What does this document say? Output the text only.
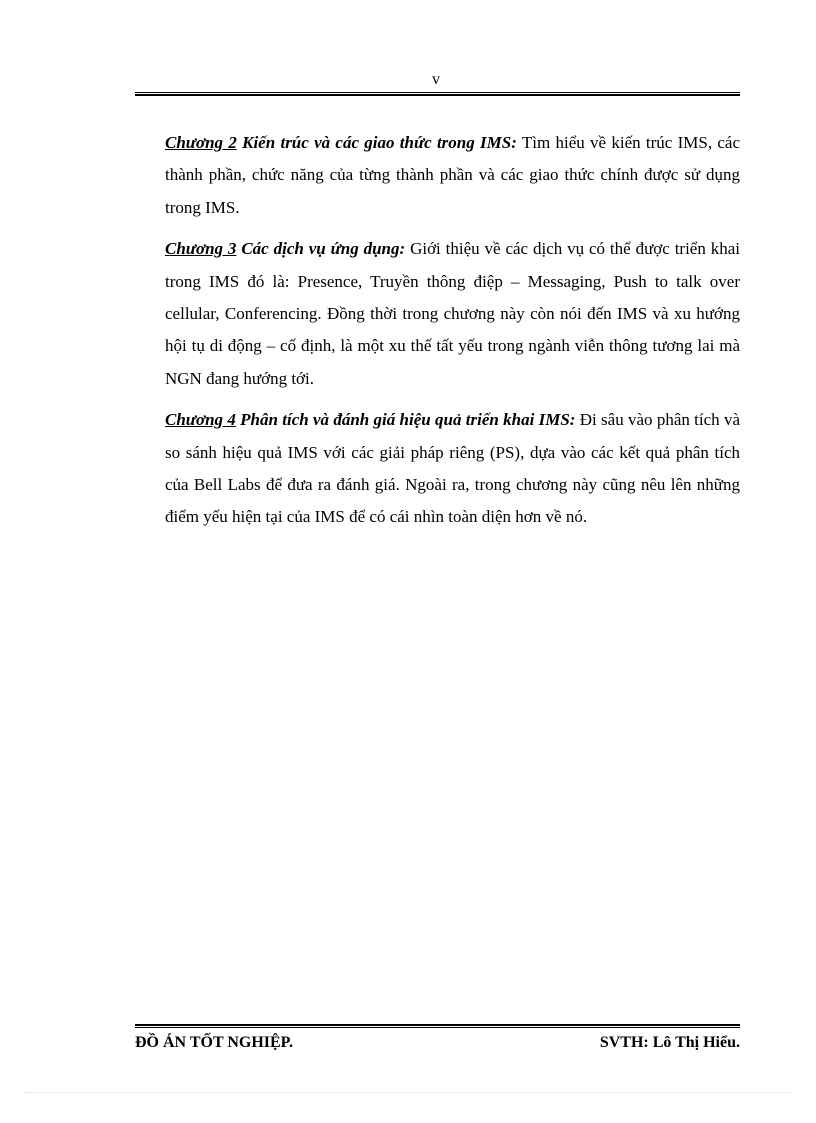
v

Chương 2 Kiến trúc và các giao thức trong IMS: Tìm hiểu về kiến trúc IMS, các thành phần, chức năng của từng thành phần và các giao thức chính được sử dụng trong IMS.

Chương 3 Các dịch vụ ứng dụng: Giới thiệu về các dịch vụ có thể được triển khai trong IMS đó là: Presence, Truyền thông điệp – Messaging, Push to talk over cellular, Conferencing. Đồng thời trong chương này còn nói đến IMS và xu hướng hội tụ di động – cố định, là một xu thế tất yếu trong ngành viễn thông tương lai mà NGN đang hướng tới.

Chương 4 Phân tích và đánh giá hiệu quả triển khai IMS: Đi sâu vào phân tích và so sánh hiệu quả IMS với các giải pháp riêng (PS), dựa vào các kết quả phân tích của Bell Labs để đưa ra đánh giá. Ngoài ra, trong chương này cũng nêu lên những điểm yếu hiện tại của IMS để có cái nhìn toàn diện hơn về nó.

ĐỒ ÁN TỐT NGHIỆP.	SVTH: Lô Thị Hiểu.
